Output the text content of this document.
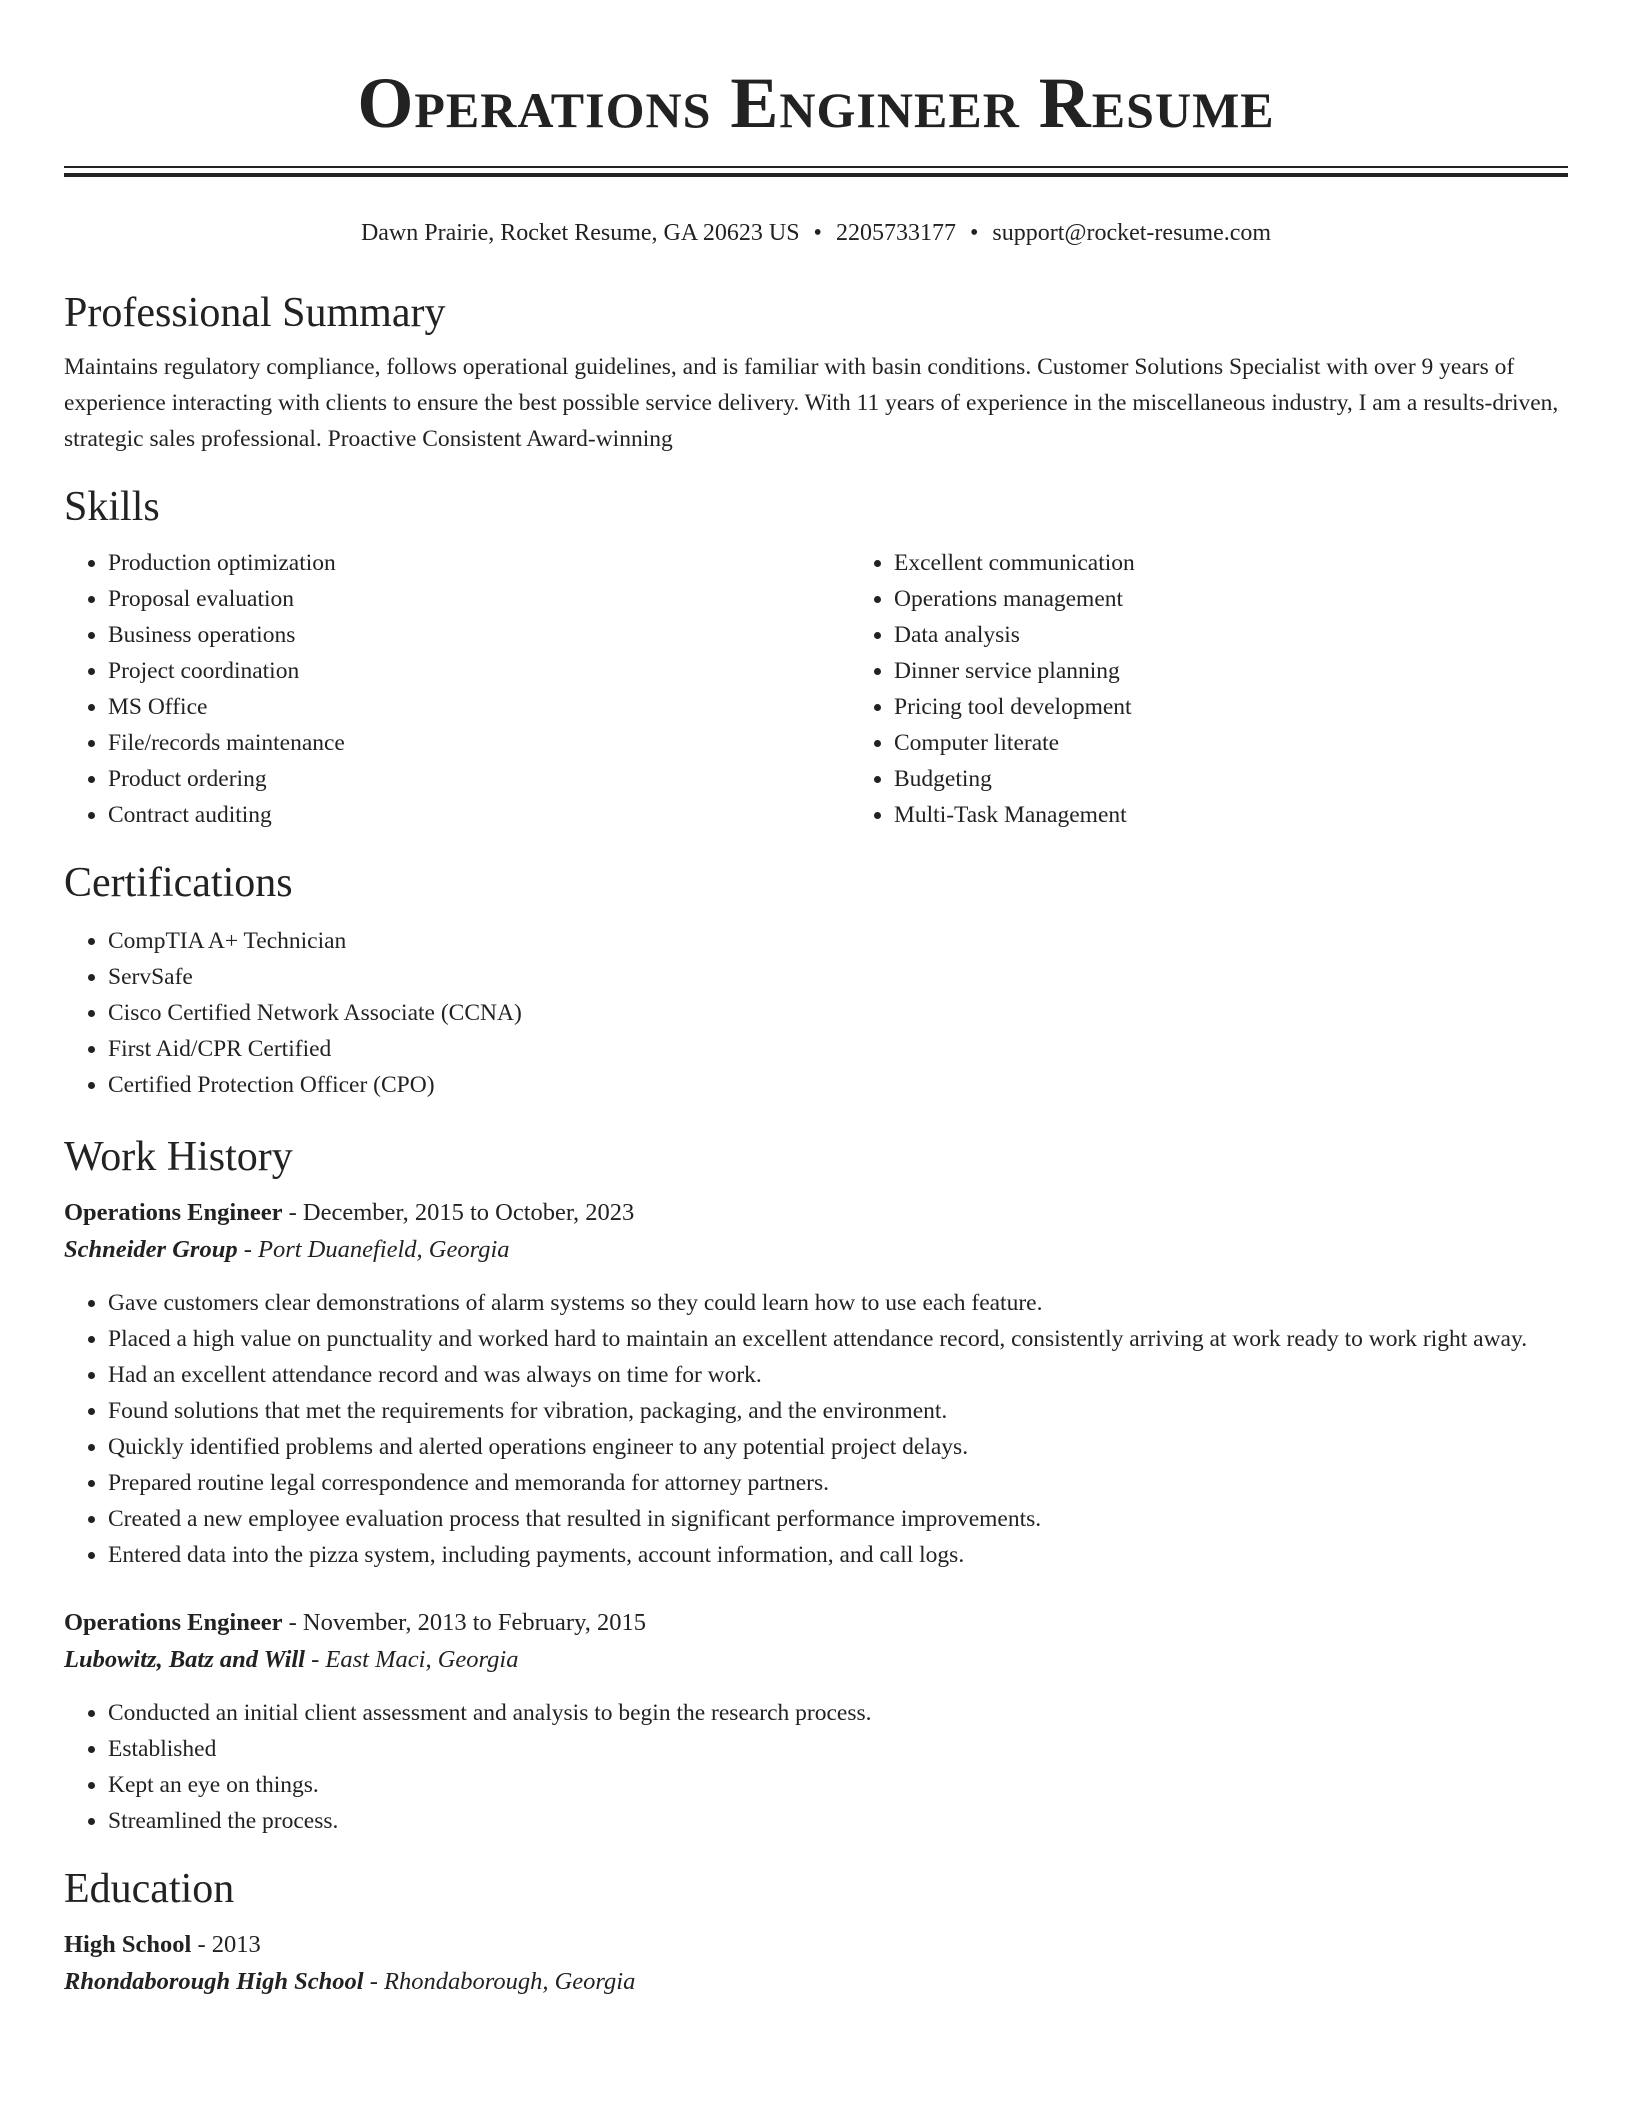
Operations Engineer Resume
Dawn Prairie, Rocket Resume, GA 20623 US • 2205733177 • support@rocket-resume.com
Professional Summary

Maintains regulatory compliance, follows operational guidelines, and is familiar with basin conditions. Customer Solutions Specialist with over 9 years of experience interacting with clients to ensure the best possible service delivery. With 11 years of experience in the miscellaneous industry, I am a results-driven, strategic sales professional. Proactive Consistent Award-winning

Skills
• Production optimization
• Proposal evaluation
• Business operations
• Project coordination
• MS Office
• File/records maintenance
• Product ordering
• Contract auditing
• Excellent communication
• Operations management
• Data analysis
• Dinner service planning
• Pricing tool development
• Computer literate
• Budgeting
• Multi-Task Management
Certifications
• CompTIA A+ Technician
• ServSafe
• Cisco Certified Network Associate (CCNA)
• First Aid/CPR Certified
• Certified Protection Officer (CPO)
Work History
Operations Engineer - December, 2015 to October, 2023
Schneider Group - Port Duanefield, Georgia
• Gave customers clear demonstrations of alarm systems so they could learn how to use each feature.
• Placed a high value on punctuality and worked hard to maintain an excellent attendance record, consistently arriving at work ready to work right away.
• Had an excellent attendance record and was always on time for work.
• Found solutions that met the requirements for vibration, packaging, and the environment.
• Quickly identified problems and alerted operations engineer to any potential project delays.
• Prepared routine legal correspondence and memoranda for attorney partners.
• Created a new employee evaluation process that resulted in significant performance improvements.
• Entered data into the pizza system, including payments, account information, and call logs.
Operations Engineer - November, 2013 to February, 2015
Lubowitz, Batz and Will - East Maci, Georgia
• Conducted an initial client assessment and analysis to begin the research process.
• Established
• Kept an eye on things.
• Streamlined the process.
Education
High School - 2013
Rhondaborough High School - Rhondaborough, Georgia
